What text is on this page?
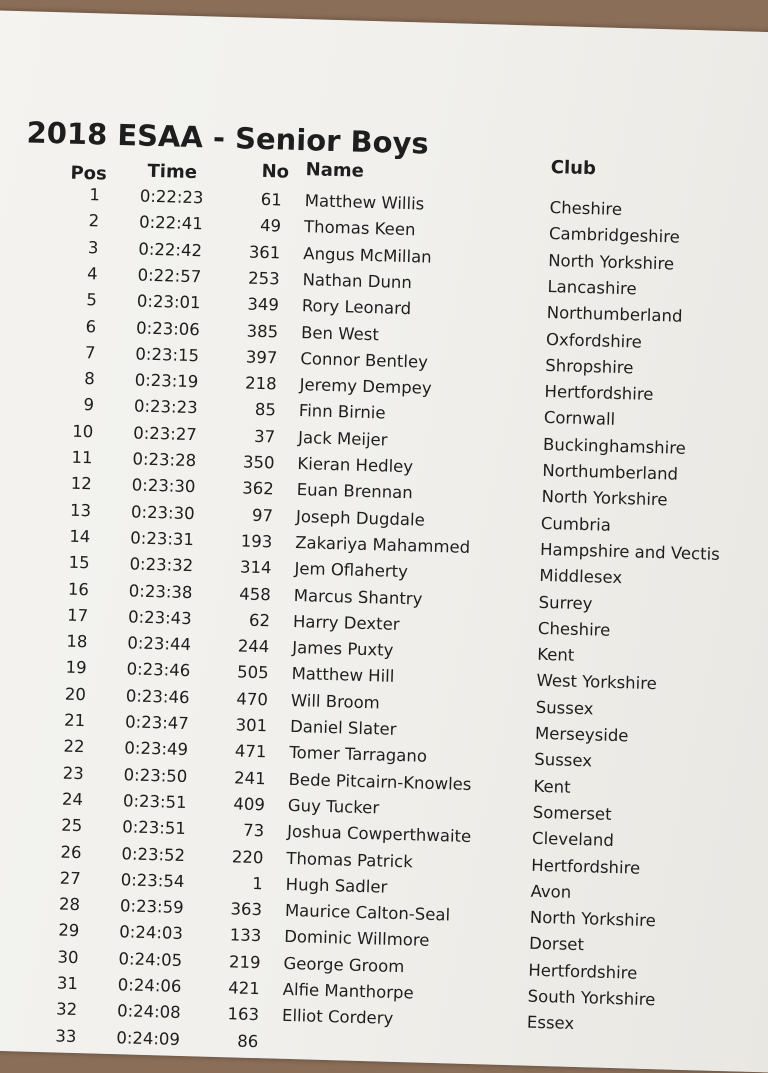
2018 ESAA - Senior Boys
Pos Time	No Name	Club
1 0:22:23	61 Matthew Willis	Cheshire
2 0:22:41	49 Thomas Keen	Cambridgeshire
3 0:22:42	361 Angus McMillan	North Yorkshire
4 0:22:57	253 Nathan Dunn	Lancashire
5 0:23:01	349 Rory Leonard	Northumberland
6 0:23:06	385 Ben West	Oxfordshire
7 0:23:15	397 Connor Bentley	Shropshire
8 0:23:19	218 Jeremy Dempey	Hertfordshire
9 0:23:23	85 Finn Birnie	Cornwall
10 0:23:27	37 Jack Meijer	Buckinghamshire
11 0:23:28	350 Kieran Hedley	Northumberland
12 0:23:30	362 Euan Brennan	North Yorkshire
13 0:23:30	97 Joseph Dugdale	Cumbria
14 0:23:31	193 Zakariya Mahammed	Hampshire and Vectis
15 0:23:32	314 Jem Oflaherty	Middlesex
16 0:23:38	458 Marcus Shantry	Surrey
17 0:23:43	62 Harry Dexter	Cheshire
18 0:23:44	244 James Puxty	Kent
19 0:23:46	505 Matthew Hill	West Yorkshire
20 0:23:46	470 Will Broom	Sussex
21 0:23:47	301 Daniel Slater	Merseyside
22 0:23:49	471 Tomer Tarragano	Sussex
23 0:23:50	241 Bede Pitcairn-Knowles	Kent
24 0:23:51	409 Guy Tucker	Somerset
25 0:23:51	73 Joshua Cowperthwaite	Cleveland
26 0:23:52	220 Thomas Patrick	Hertfordshire
27 0:23:54	1 Hugh Sadler	Avon
28 0:23:59	363 Maurice Calton-Seal	North Yorkshire
29 0:24:03	133 Dominic Willmore	Dorset
30 0:24:05	219 George Groom	Hertfordshire
31 0:24:06	421 Alfie Manthorpe	South Yorkshire
32 0:24:08	163 Elliot Cordery	Essex
33 0:24:09	86
